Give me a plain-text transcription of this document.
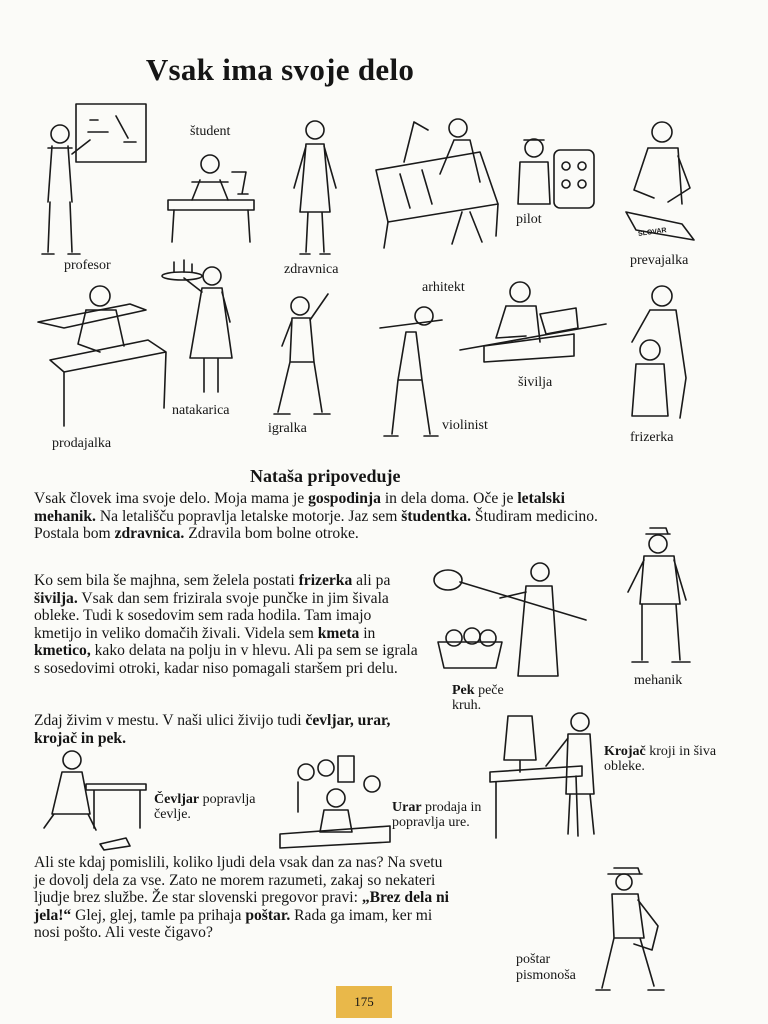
Vsak ima svoje delo
profesor
študent
zdravnica
arhitekt
pilot
SLOVAR
prevajalka
prodajalka
natakarica
igralka	violinist
šivilja
frizerka
Nataša pripoveduje
Vsak človek ima svoje delo. Moja mama je gospodinja in dela doma. Oče je letalski mehanik. Na letališču popravlja letalske motorje. Jaz sem študentka. Študiram medicino. Postala bom zdravnica. Zdravila bom bolne otroke.
Ko sem bila še majhna, sem želela postati frizerka ali pa šivilja. Vsak dan sem frizirala svoje punčke in jim šivala obleke. Tudi k sosedovim sem rada hodila. Tam imajo kmetijo in veliko domačih živali. Videla sem kmeta in kmetico, kako delata na polju in v hlevu. Ali pa sem se igrala s sosedovimi otroki, kadar niso pomagali staršem pri delu.
Pek peče kruh.
mehanik
Zdaj živim v mestu. V naši ulici živijo tudi čevljar, urar, krojač in pek.
Krojač kroji in šiva obleke.
Čevljar popravlja čevlje.	Urar prodaja in popravlja ure.
Ali ste kdaj pomislili, koliko ljudi dela vsak dan za nas? Na svetu je dovolj dela za vse. Zato ne morem razumeti, zakaj so nekateri ljudje brez službe. Že star slovenski pregovor pravi: „Brez dela ni jela!“ Glej, glej, tamle pa prihaja poštar. Rada ga imam, ker mi nosi pošto. Ali veste čigavo?
poštar
pismonoša
175
